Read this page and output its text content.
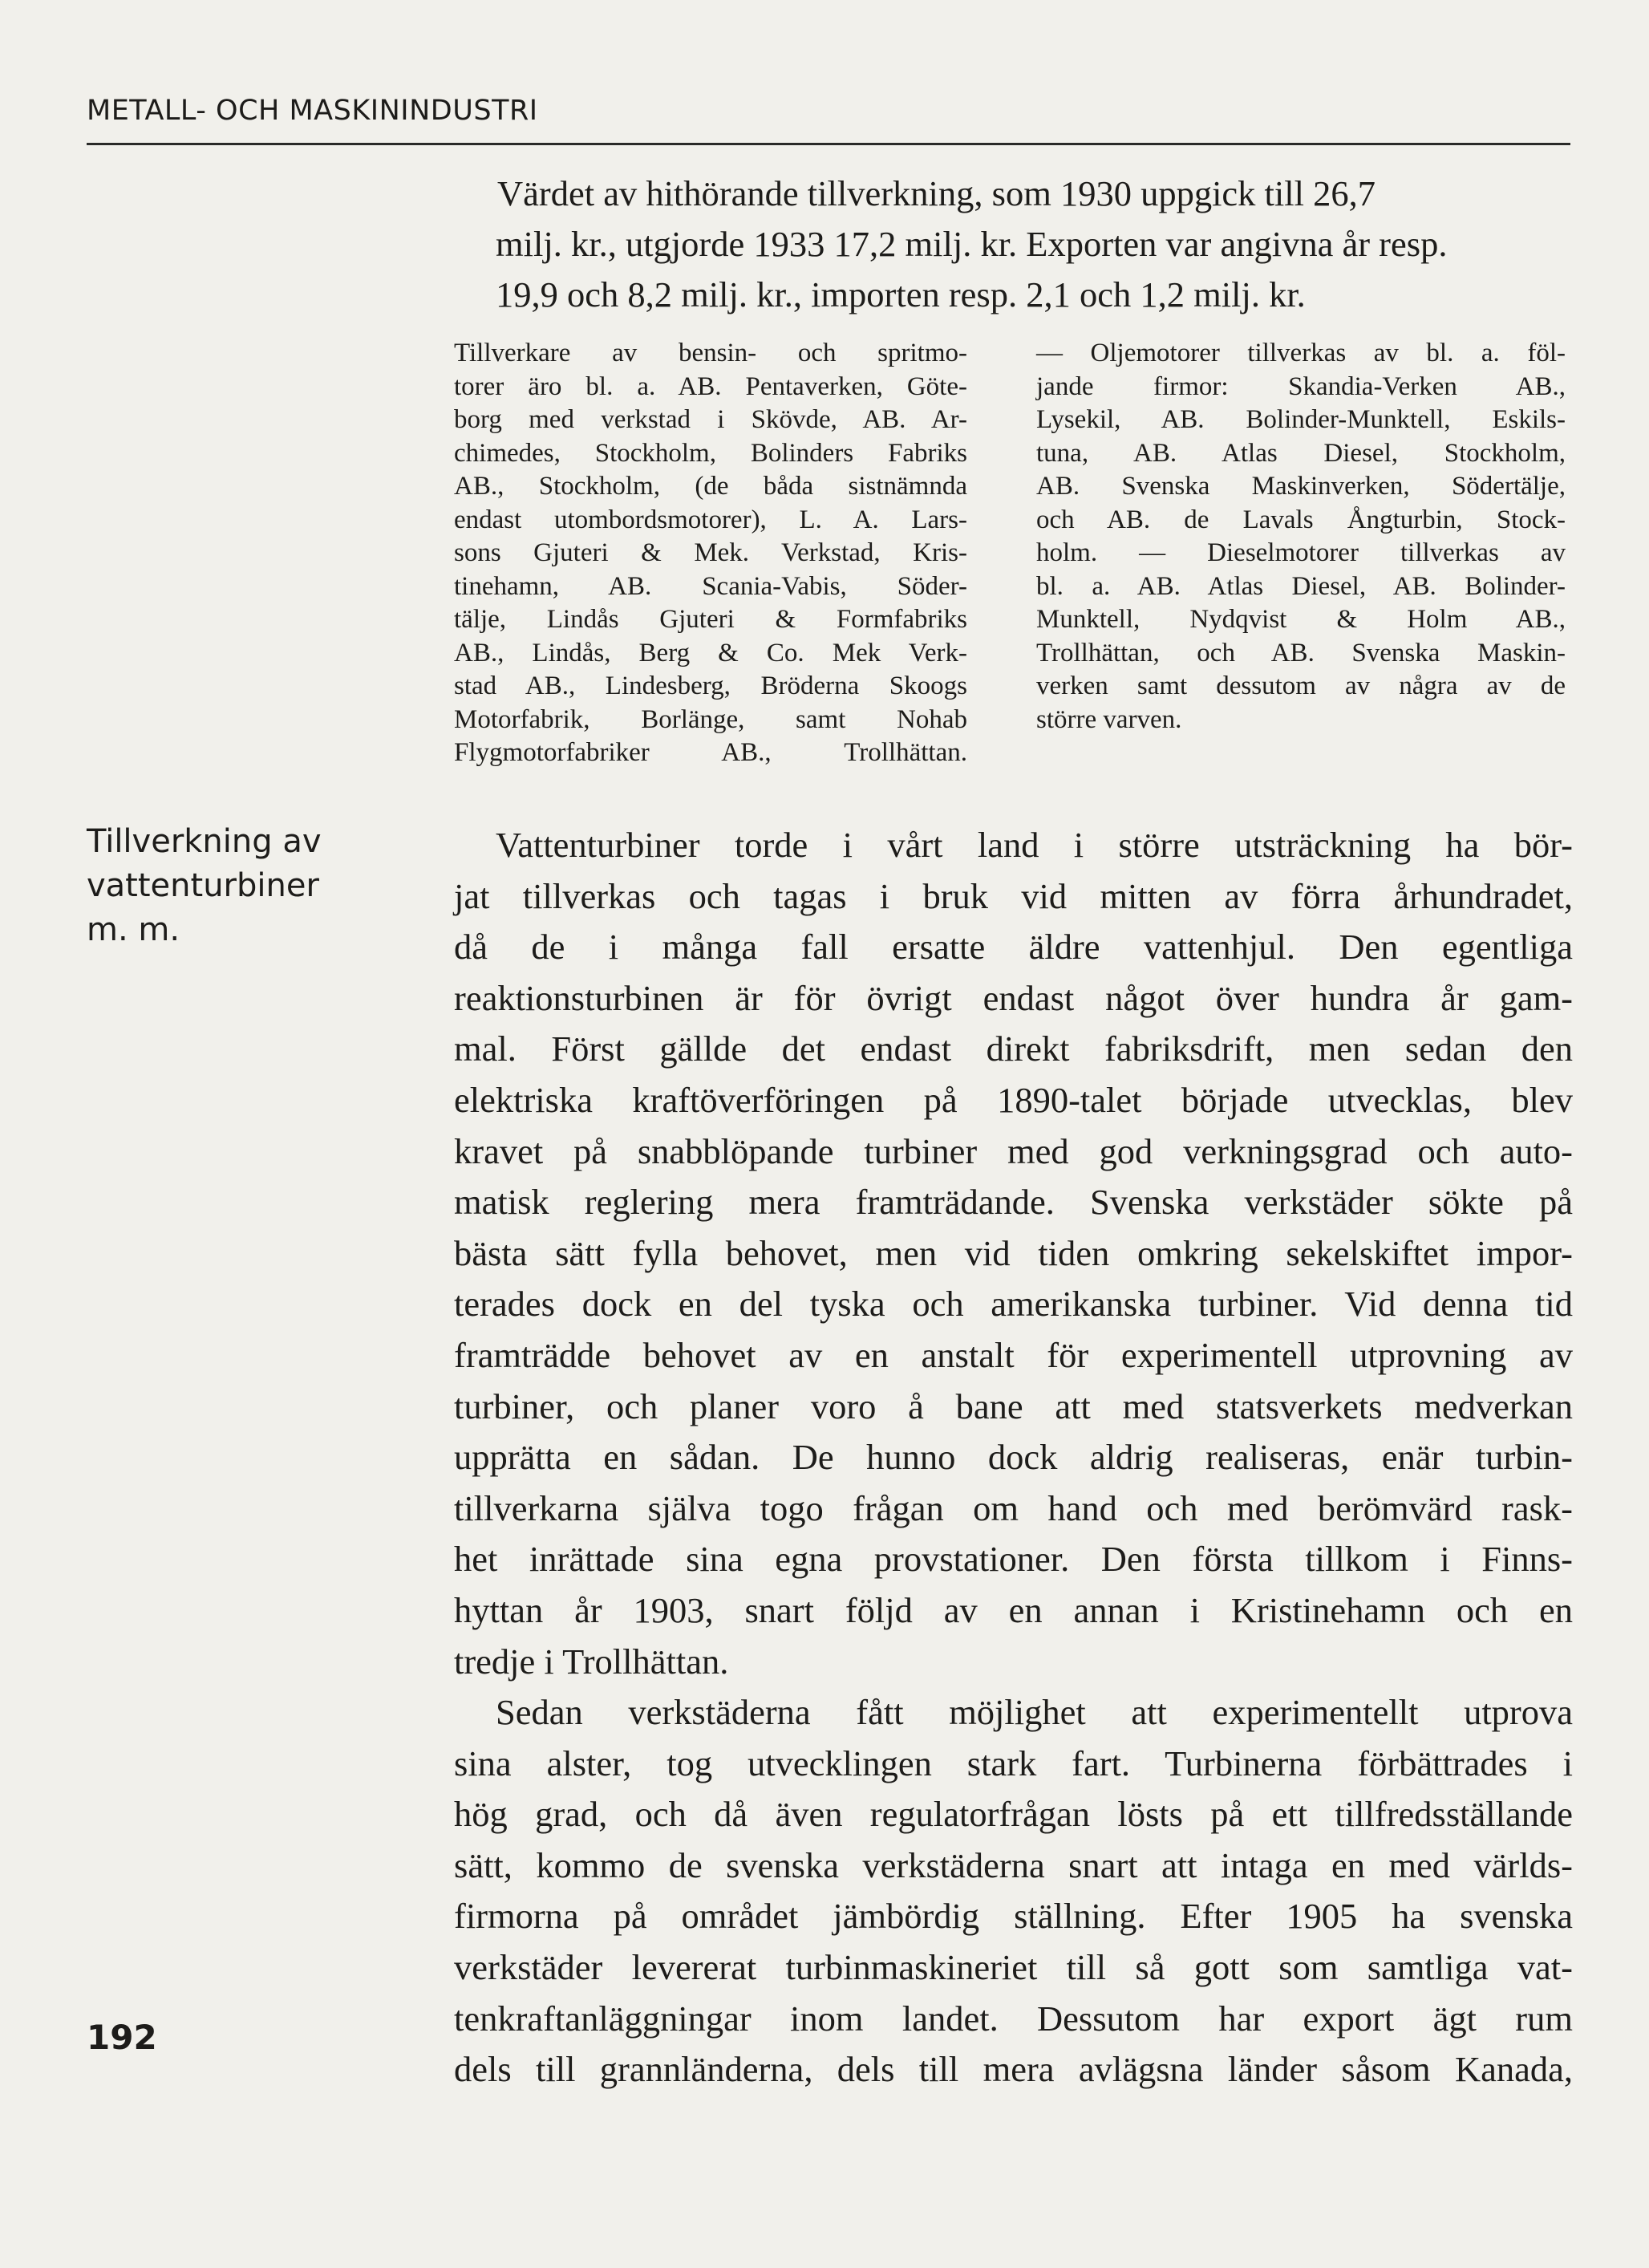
METALL- OCH MASKININDUSTRI
Värdet av hithörande tillverkning, som 1930 uppgick till 26,7
milj. kr., utgjorde 1933 17,2 milj. kr. Exporten var angivna år resp.
19,9 och 8,2 milj. kr., importen resp. 2,1 och 1,2 milj. kr.
Tillverkare av bensin- och spritmo-
torer äro bl. a. AB. Pentaverken, Göte-
borg med verkstad i Skövde, AB. Ar-
chimedes, Stockholm, Bolinders Fabriks
AB., Stockholm, (de båda sistnämnda
endast utombordsmotorer), L. A. Lars-
sons Gjuteri & Mek. Verkstad, Kris-
tinehamn, AB. Scania-Vabis, Söder-
tälje, Lindås Gjuteri & Formfabriks
AB., Lindås, Berg & Co. Mek Verk-
stad AB., Lindesberg, Bröderna Skoogs
Motorfabrik, Borlänge, samt Nohab
Flygmotorfabriker AB., Trollhättan.
— Oljemotorer tillverkas av bl. a. föl-
jande firmor: Skandia-Verken AB.,
Lysekil, AB. Bolinder-Munktell, Eskils-
tuna, AB. Atlas Diesel, Stockholm,
AB. Svenska Maskinverken, Södertälje,
och AB. de Lavals Ångturbin, Stock-
holm. — Dieselmotorer tillverkas av
bl. a. AB. Atlas Diesel, AB. Bolinder-
Munktell, Nydqvist & Holm AB.,
Trollhättan, och AB. Svenska Maskin-
verken samt dessutom av några av de
större varven.
Tillverkning av
vattenturbiner
m. m.
Vattenturbiner torde i vårt land i större utsträckning ha bör-
jat tillverkas och tagas i bruk vid mitten av förra århundradet,
då de i många fall ersatte äldre vattenhjul. Den egentliga
reaktionsturbinen är för övrigt endast något över hundra år gam-
mal. Först gällde det endast direkt fabriksdrift, men sedan den
elektriska kraftöverföringen på 1890-talet började utvecklas, blev
kravet på snabblöpande turbiner med god verkningsgrad och auto-
matisk reglering mera framträdande. Svenska verkstäder sökte på
bästa sätt fylla behovet, men vid tiden omkring sekelskiftet impor-
terades dock en del tyska och amerikanska turbiner. Vid denna tid
framträdde behovet av en anstalt för experimentell utprovning av
turbiner, och planer voro å bane att med statsverkets medverkan
upprätta en sådan. De hunno dock aldrig realiseras, enär turbin-
tillverkarna själva togo frågan om hand och med berömvärd rask-
het inrättade sina egna provstationer. Den första tillkom i Finns-
hyttan år 1903, snart följd av en annan i Kristinehamn och en
tredje i Trollhättan.
Sedan verkstäderna fått möjlighet att experimentellt utprova
sina alster, tog utvecklingen stark fart. Turbinerna förbättrades i
hög grad, och då även regulatorfrågan lösts på ett tillfredsställande
sätt, kommo de svenska verkstäderna snart att intaga en med världs-
firmorna på området jämbördig ställning. Efter 1905 ha svenska
verkstäder levererat turbinmaskineriet till så gott som samtliga vat-
tenkraftanläggningar inom landet. Dessutom har export ägt rum
dels till grannländerna, dels till mera avlägsna länder såsom Kanada,
192
